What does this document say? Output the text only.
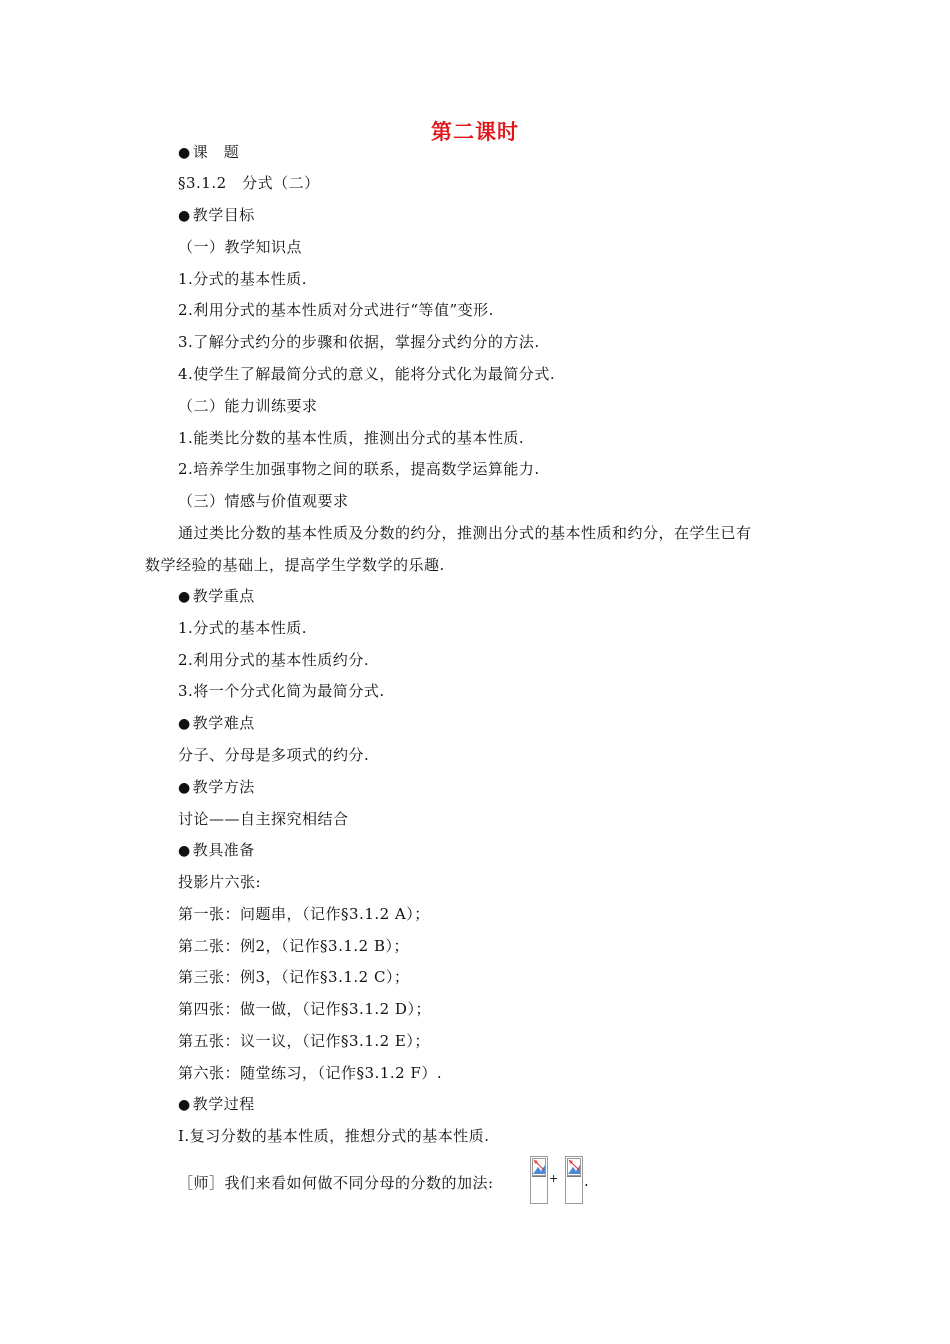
第二课时
● 课　题
§3.1.2　分式（二）
● 教学目标
（一）教学知识点
1.分式的基本性质.
2.利用分式的基本性质对分式进行“等值”变形.
3.了解分式约分的步骤和依据，掌握分式约分的方法.
4.使学生了解最简分式的意义，能将分式化为最简分式.
（二）能力训练要求
1.能类比分数的基本性质，推测出分式的基本性质.
2.培养学生加强事物之间的联系，提高数学运算能力.
（三）情感与价值观要求
通过类比分数的基本性质及分数的约分，推测出分式的基本性质和约分，在学生已有
数学经验的基础上，提高学生学数学的乐趣.
● 教学重点
1.分式的基本性质.
2.利用分式的基本性质约分.
3.将一个分式化简为最简分式.
● 教学难点
分子、分母是多项式的约分.
● 教学方法
讨论——自主探究相结合
● 教具准备
投影片六张:
第一张：问题串，（记作§3.1.2 A）；
第二张：例2，（记作§3.1.2 B）；
第三张：例3，（记作§3.1.2 C）；
第四张：做一做，（记作§3.1.2 D）；
第五张：议一议，（记作§3.1.2 E）；
第六张：随堂练习，（记作§3.1.2 F）.
● 教学过程
Ⅰ.复习分数的基本性质，推想分式的基本性质.
［师］我们来看如何做不同分母的分数的加法:	+ .
